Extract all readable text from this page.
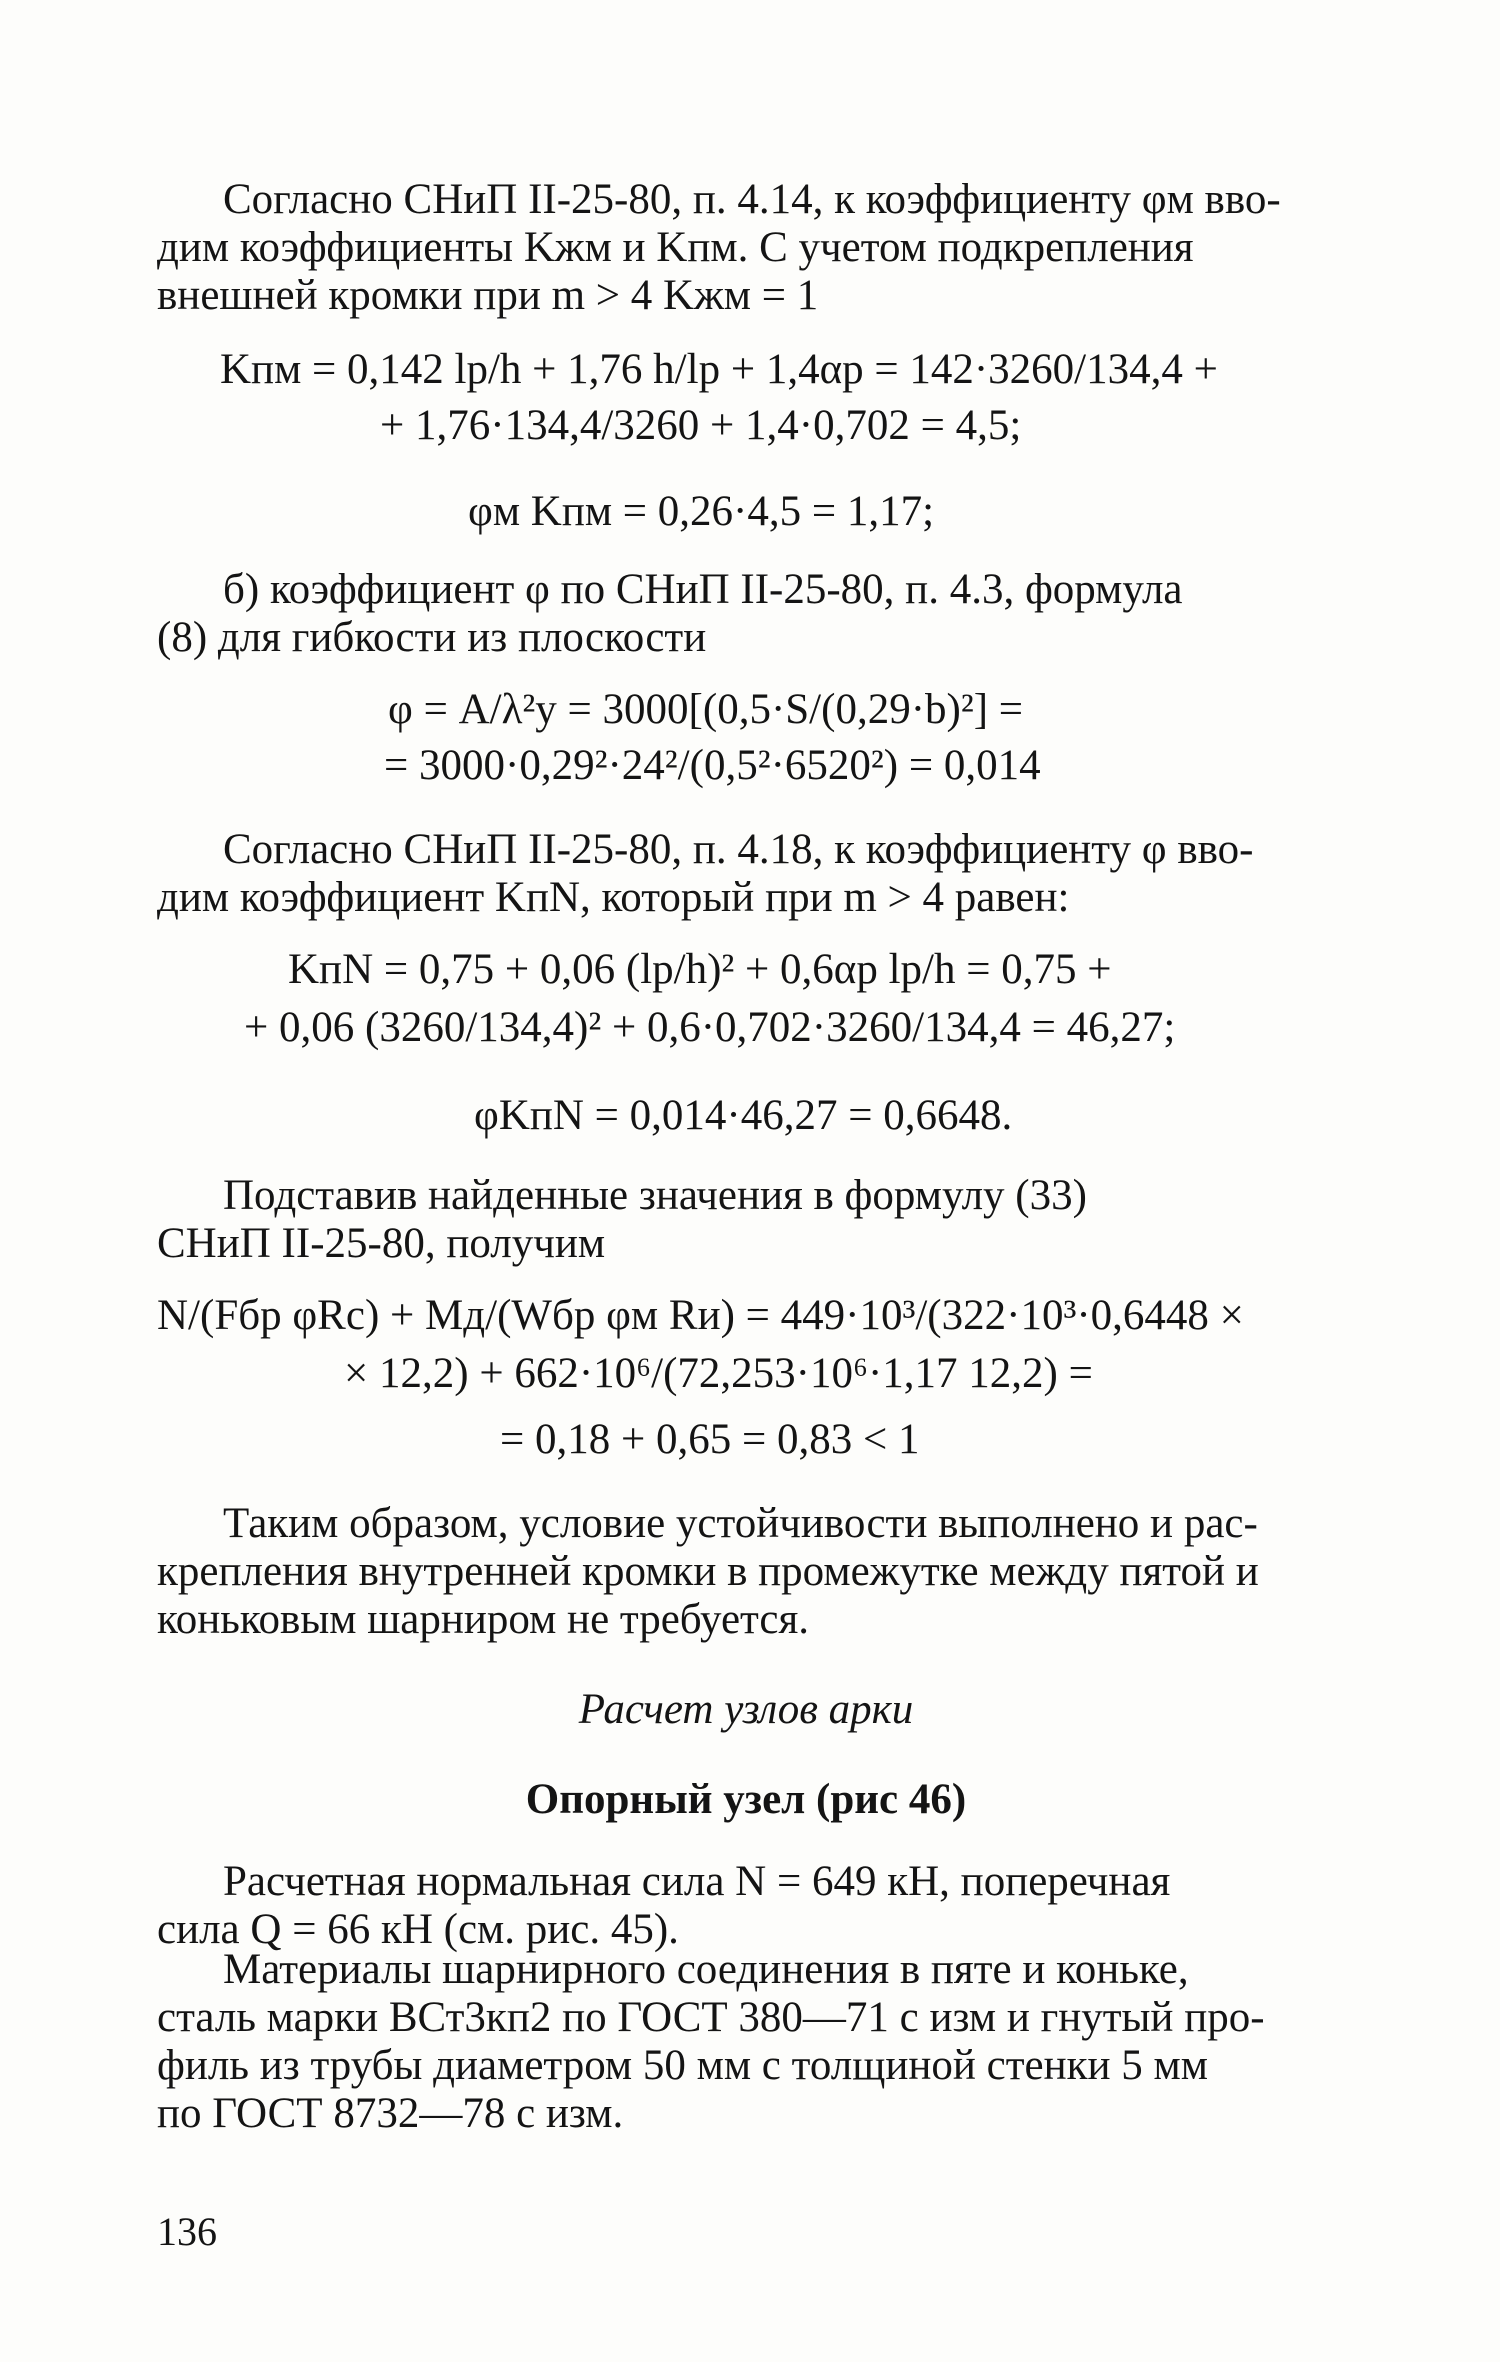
Согласно СНиП II-25-80, п. 4.14, к коэффициенту φм вво-
дим коэффициенты Kжм и Kпм. С учетом подкрепления
внешней кромки при m > 4 Kжм = 1
Kпм = 0,142 lр/h + 1,76 h/lр + 1,4αр = 142·3260/134,4 +
+ 1,76·134,4/3260 + 1,4·0,702 = 4,5;
φм Kпм = 0,26·4,5 = 1,17;
б) коэффициент φ по СНиП II-25-80, п. 4.3, формула
(8) для гибкости из плоскости
φ = A/λ²y = 3000[(0,5·S/(0,29·b)²] =
= 3000·0,29²·24²/(0,5²·6520²) = 0,014
Согласно СНиП II-25-80, п. 4.18, к коэффициенту φ вво-
дим коэффициент KпN, который при m > 4 равен:
KпN = 0,75 + 0,06 (lр/h)² + 0,6αр lр/h = 0,75 +
+ 0,06 (3260/134,4)² + 0,6·0,702·3260/134,4 = 46,27;
φKпN = 0,014·46,27 = 0,6648.
Подставив найденные значения в формулу (33)
СНиП II-25-80, получим
N/(Fбр φRс) + Mд/(Wбр φм Rи) = 449·10³/(322·10³·0,6448 ×
× 12,2) + 662·10⁶/(72,253·10⁶·1,17 12,2) =
= 0,18 + 0,65 = 0,83 < 1
Таким образом, условие устойчивости выполнено и рас-
крепления внутренней кромки в промежутке между пятой и
коньковым шарниром не требуется.
Расчет узлов арки
Опорный узел (рис 46)
Расчетная нормальная сила N = 649 кН, поперечная
сила Q = 66 кН (см. рис. 45).
Материалы шарнирного соединения в пяте и коньке,
сталь марки ВСт3кп2 по ГОСТ 380—71 с изм и гнутый про-
филь из трубы диаметром 50 мм с толщиной стенки 5 мм
по ГОСТ 8732—78 с изм.
136
